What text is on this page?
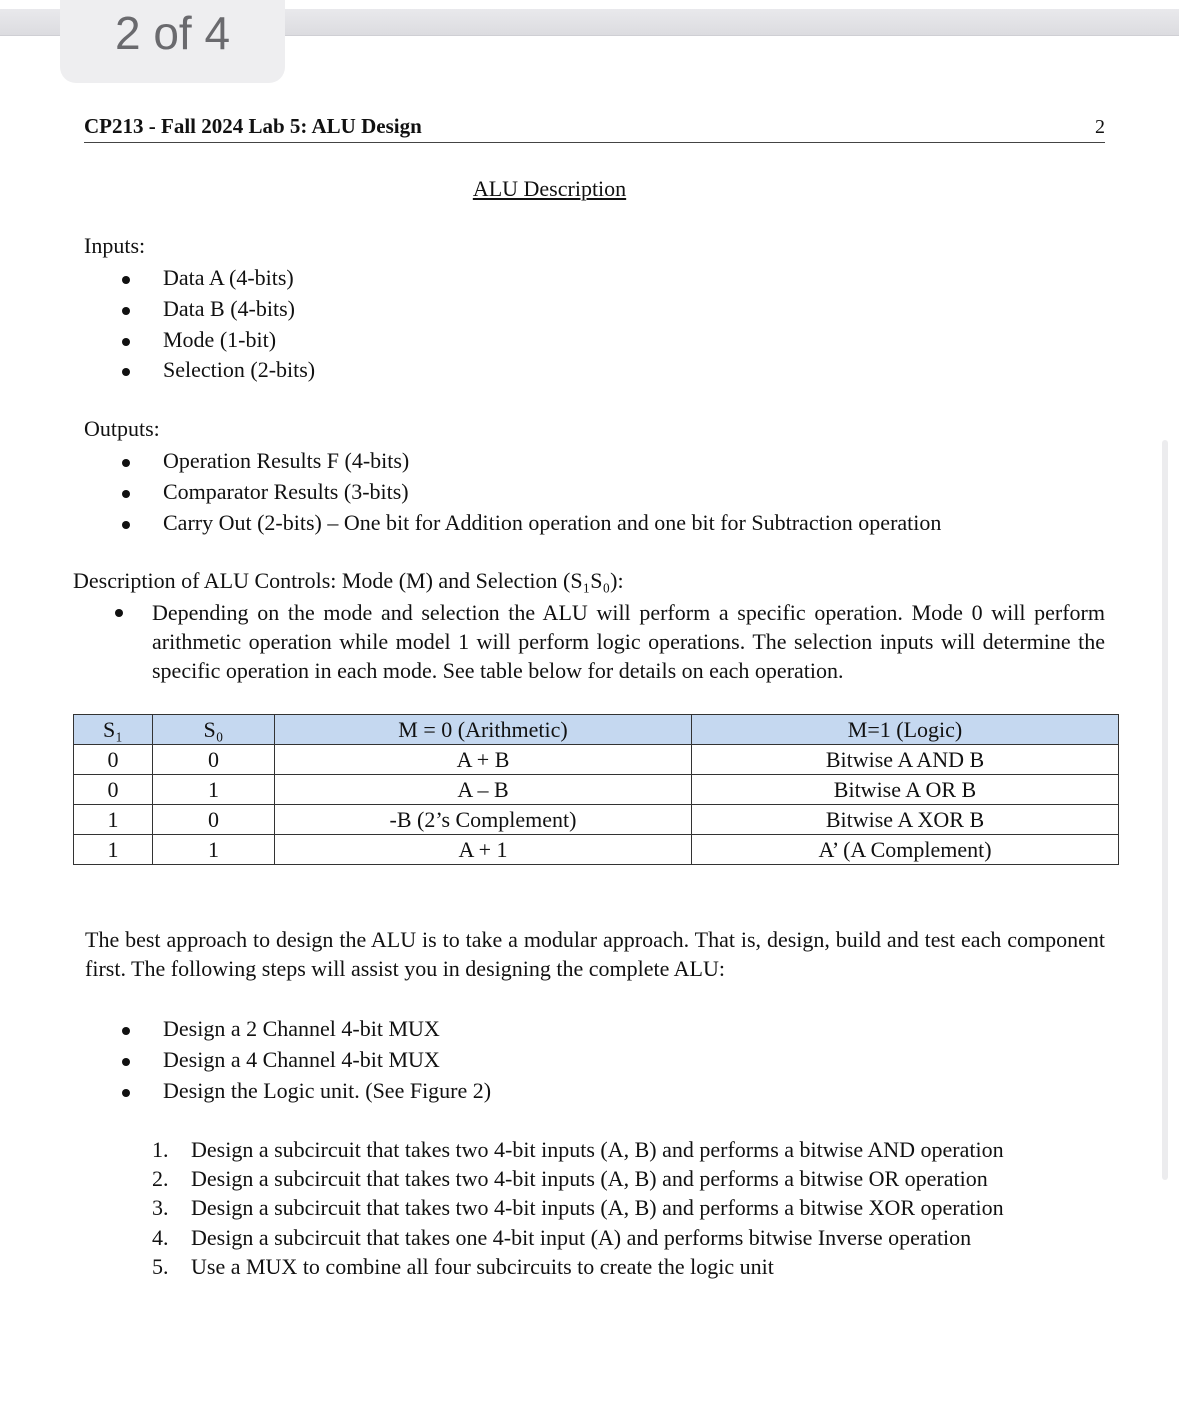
2 of 4
CP213 - Fall 2024 Lab 5: ALU Design	2
ALU Description
Inputs:
Data A (4-bits)
Data B (4-bits)
Mode (1-bit)
Selection (2-bits)
Outputs:
Operation Results F (4-bits)
Comparator Results (3-bits)
Carry Out (2-bits) – One bit for Addition operation and one bit for Subtraction operation
Description of ALU Controls: Mode (M) and Selection (S₁S₀):
Depending on the mode and selection the ALU will perform a specific operation. Mode 0 will perform arithmetic operation while model 1 will perform logic operations. The selection inputs will determine the specific operation in each mode. See table below for details on each operation.
S₁	S₀	M = 0 (Arithmetic)	M=1 (Logic)
0	0	A + B	Bitwise A AND B
0	1	A – B	Bitwise A OR B
1	0	-B (2’s Complement)	Bitwise A XOR B
1	1	A + 1	A’ (A Complement)
The best approach to design the ALU is to take a modular approach. That is, design, build and test each component first. The following steps will assist you in designing the complete ALU:
Design a 2 Channel 4-bit MUX
Design a 4 Channel 4-bit MUX
Design the Logic unit. (See Figure 2)
1. Design a subcircuit that takes two 4-bit inputs (A, B) and performs a bitwise AND operation
2. Design a subcircuit that takes two 4-bit inputs (A, B) and performs a bitwise OR operation
3. Design a subcircuit that takes two 4-bit inputs (A, B) and performs a bitwise XOR operation
4. Design a subcircuit that takes one 4-bit input (A) and performs bitwise Inverse operation
5. Use a MUX to combine all four subcircuits to create the logic unit
